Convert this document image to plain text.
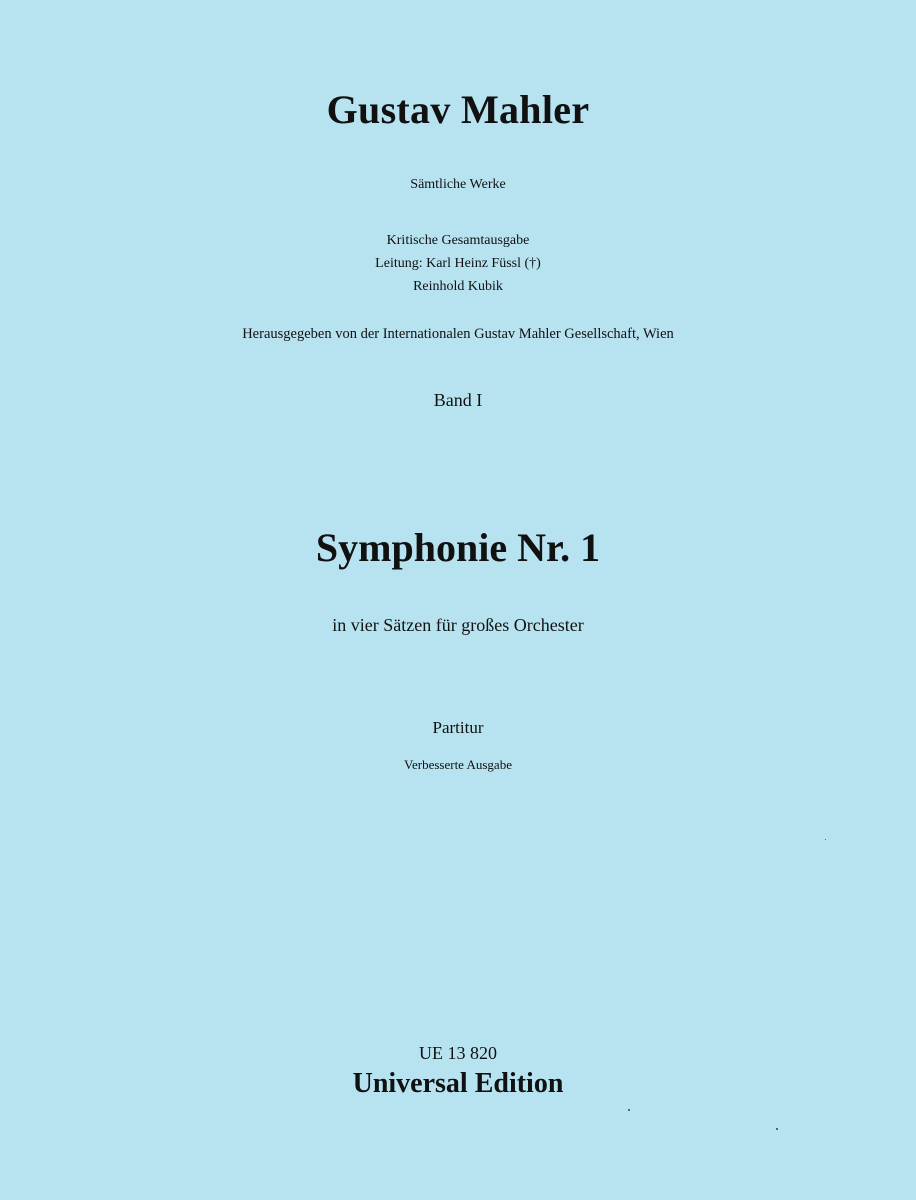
Gustav Mahler
Sämtliche Werke
Kritische Gesamtausgabe
Leitung: Karl Heinz Füssl (†)
Reinhold Kubik
Herausgegeben von der Internationalen Gustav Mahler Gesellschaft, Wien
Band I
Symphonie Nr. 1
in vier Sätzen für großes Orchester
Partitur
Verbesserte Ausgabe
UE 13 820
Universal Edition
